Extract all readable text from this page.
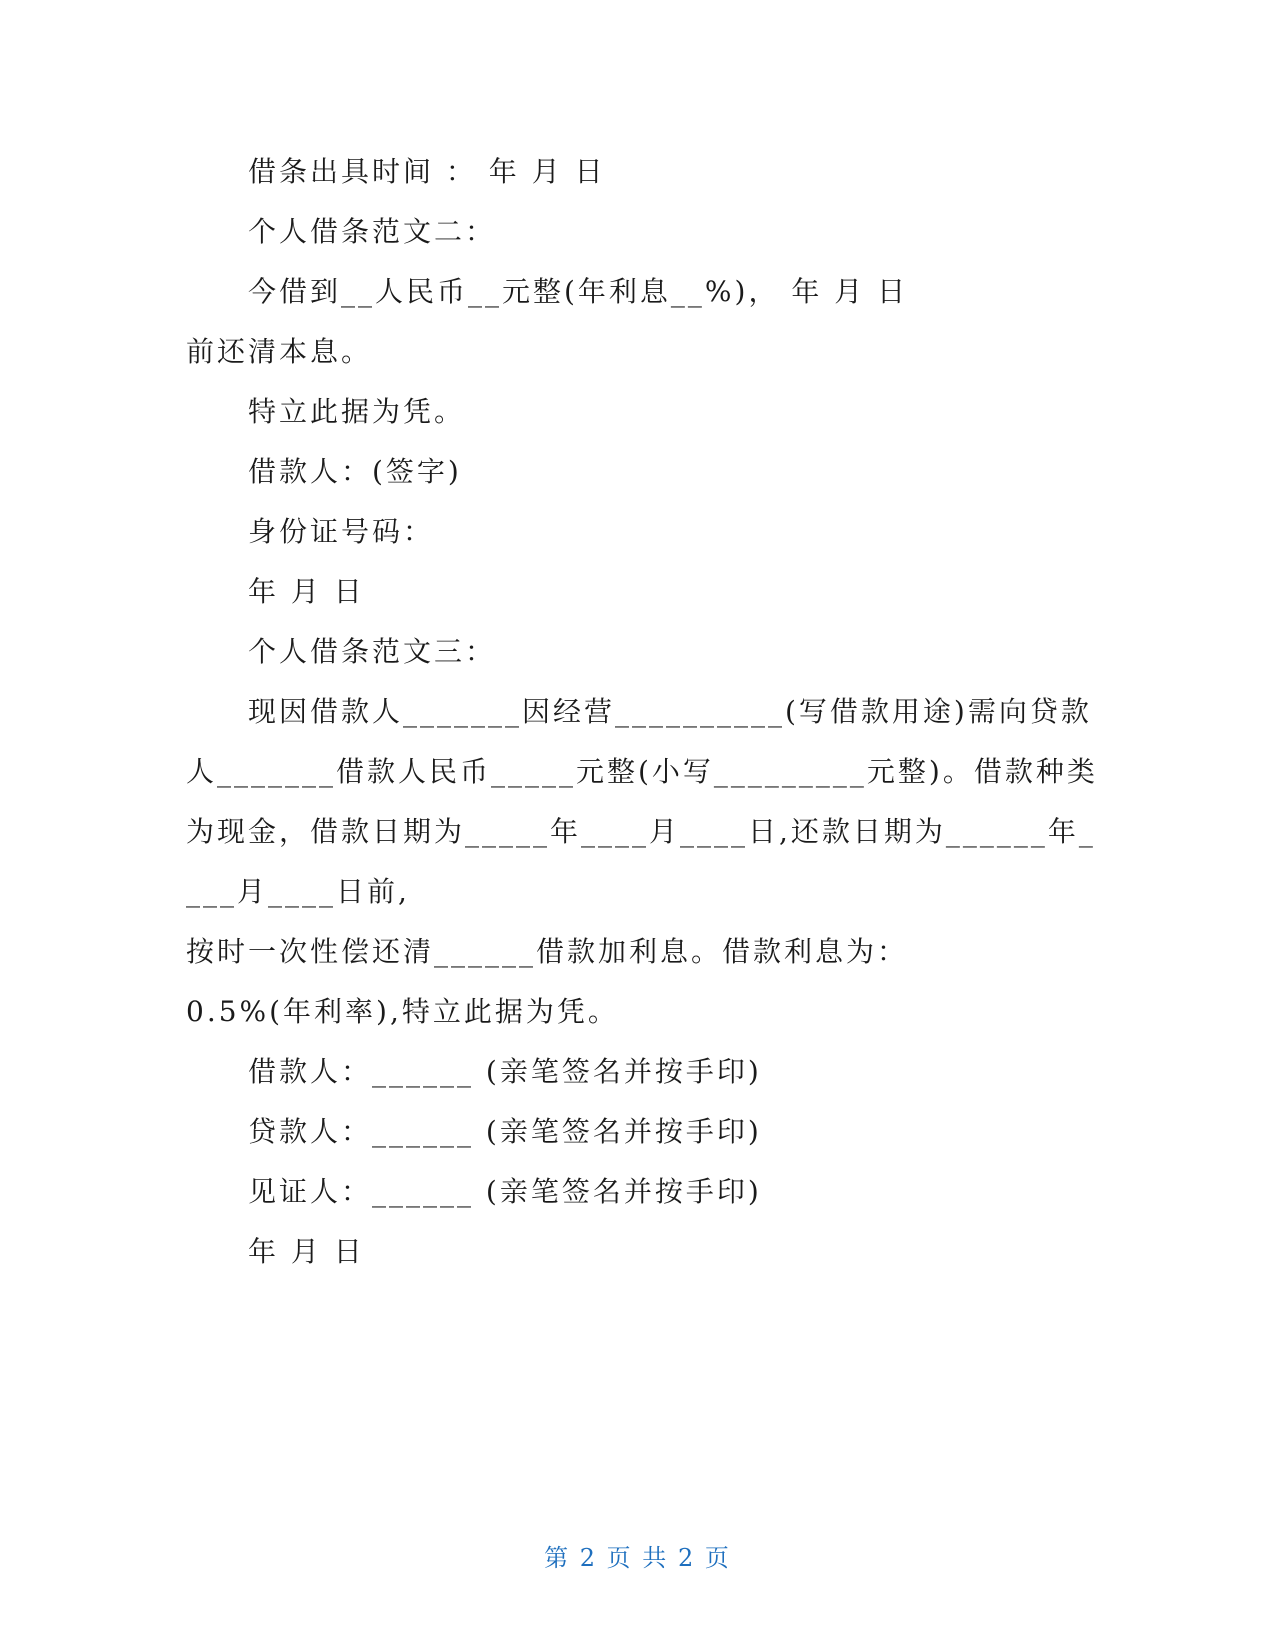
借条出具时间 ： 年 月 日
个人借条范文二：
今借到__人民币__元整(年利息__%)， 年 月 日
前还清本息。
特立此据为凭。
借款人：(签字)
身份证号码：
年 月 日
个人借条范文三：
现因借款人_______因经营__________(写借款用途)需向贷款
人_______借款人民币_____元整(小写_________元整)。借款种类
为现金，借款日期为_____年____月____日,还款日期为______年_
___月____日前,
按时一次性偿还清______借款加利息。借款利息为：
0.5%(年利率),特立此据为凭。
借款人：______ (亲笔签名并按手印)
贷款人：______ (亲笔签名并按手印)
见证人：______ (亲笔签名并按手印)
年 月 日
第 2 页 共 2 页
